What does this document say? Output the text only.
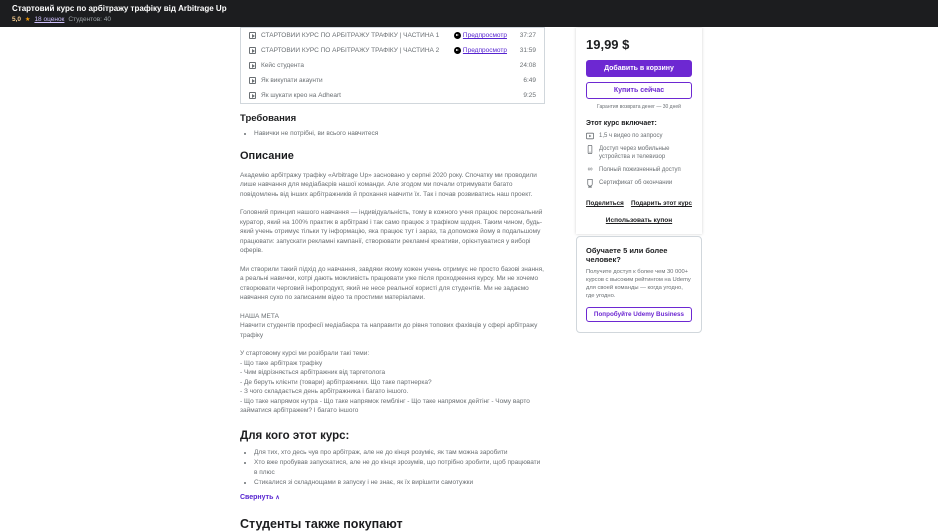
Стартовий курс по арбітражу трафіку від Arbitrage Up
5,0 ★ 18 оценок Студентов: 40
СТАРТОВИЙ КУРС ПО АРБІТРАЖУ ТРАФІКУ | ЧАСТИНА 1	Предпросмотр	37:27
СТАРТОВИЙ КУРС ПО АРБІТРАЖУ ТРАФІКУ | ЧАСТИНА 2	Предпросмотр	31:59
Кейс студента	24:08
Як викупати акаунти	6:49
Як шукати крео на Adheart	9:25
Требования
• Навички не потрібні, ви всього навчитеся
Описание

Академію арбітражу трафіку «Arbitrage Up» засновано у серпні 2020 року. Спочатку ми проводили лише навчання для медіабаєрів нашої команди. Але згодом ми почали отримувати багато повідомлень від інших арбітражників й прохання навчити їх. Так і почав розвиватись наш проект.

Головний принцип нашого навчання — індивідуальність, тому в кожного учня працює персональний куратор, який на 100% практик в арбітражі і так само працює з трафіком щодня. Таким чином, будь-який учень отримує тільки ту інформацію, яка працює тут і зараз, та допоможе йому в подальшому працювати: запускати рекламні кампанії, створювати рекламні креативи, орієнтуватися у виборі оферів.

Ми створили такий підхід до навчання, завдяки якому кожен учень отримує не просто базові знання, а реальні навички, котрі дають можливість працювати уже після проходження курсу. Ми не хочемо створювати черговий інфопродукт, який не несе реальної користі для студентів. Ми не задаємо навчання сухо по записаним відео та простими матеріалами.

НАША МЕТА

Навчити студентів професії медіабаєра та направити до рівня топових фахівців у сфері арбітражу трафіку
У стартовому курсі ми розібрали такі теми:
- Що таке арбітраж трафіку
- Чим відрізняється арбітражник від таргетолога
- Де беруть клієнти (товари) арбітражники. Що таке партнерка?
- З чого складається день арбітражника і багато іншого.
- Що таке напрямок нутра - Що таке напрямок гемблінг - Що таке напрямок дейтінг - Чому варто займатися арбітражем? І багато іншого
Для кого этот курс:
• Для тих, хто десь чув про арбітраж, але не до кінця розуміє, як там можна заробити
• Хто вже пробував запускатися, але не до кінця зрозумів, що потрібно зробити, щоб працювати в плюс
• Стикалися зі складнощами в запуску і не знає, як їх вирішити самотужки
Свернуть ∧
Студенты также покупают
19,99 $
Добавить в корзину Купить сейчас
Гарантия возврата денег — 30 дней
Этот курс включает:
1,5 ч видео по запросу
Доступ через мобильные устройства и телевизор
∞ Полный пожизненный доступ
Сертификат об окончании
Поделиться Подарить этот курс
Использовать купон
Обучаете 5 или более человек?
Получите доступ к более чем 30 000+ курсов с высоким рейтингом на Udemy для своей команды — когда угодно, где угодно.
Попробуйте Udemy Business
